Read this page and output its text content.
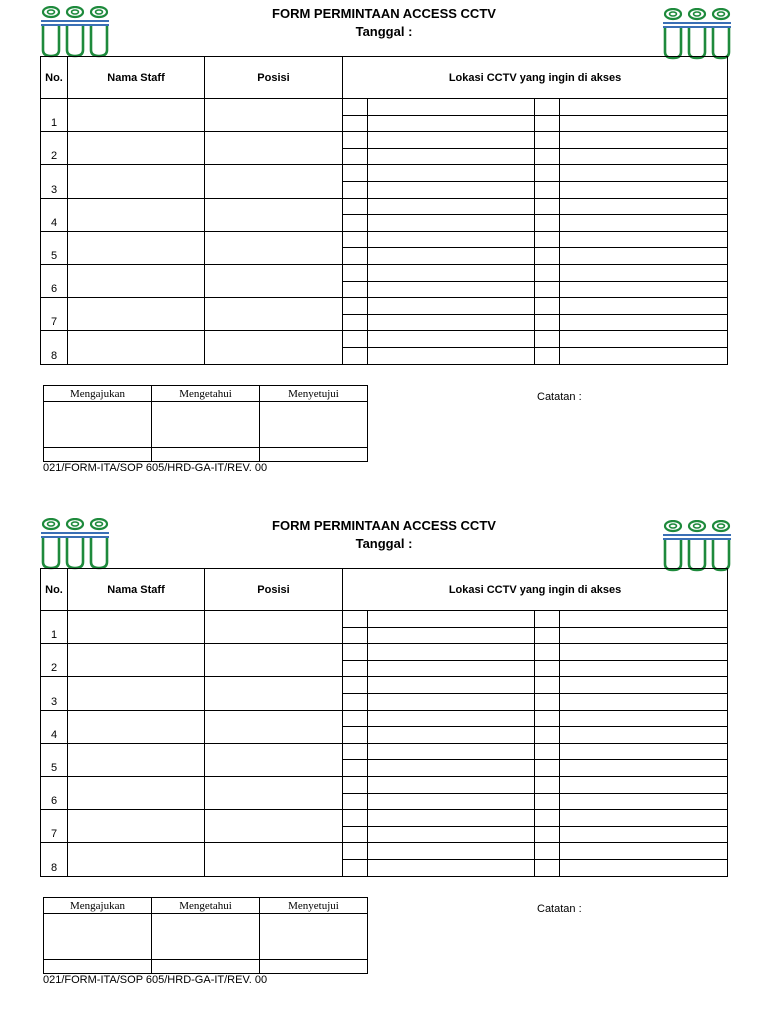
FORM PERMINTAAN ACCESS CCTV
Tanggal :
No.	Nama Staff	Posisi	Lokasi CCTV yang ingin di akses			
1						

2						

3						

4						

5						

6						

7						

8						

Mengajukan	Mengetahui	Menyetujui

			Catatan :
021/FORM-ITA/SOP 605/HRD-GA-IT/REV. 00
FORM PERMINTAAN ACCESS CCTV
Tanggal :
No.	Nama Staff	Posisi	Lokasi CCTV yang ingin di akses			
1						

2						

3						

4						

5						

6						

7						

8						

Mengajukan	Mengetahui	Menyetujui

			Catatan :
021/FORM-ITA/SOP 605/HRD-GA-IT/REV. 00
